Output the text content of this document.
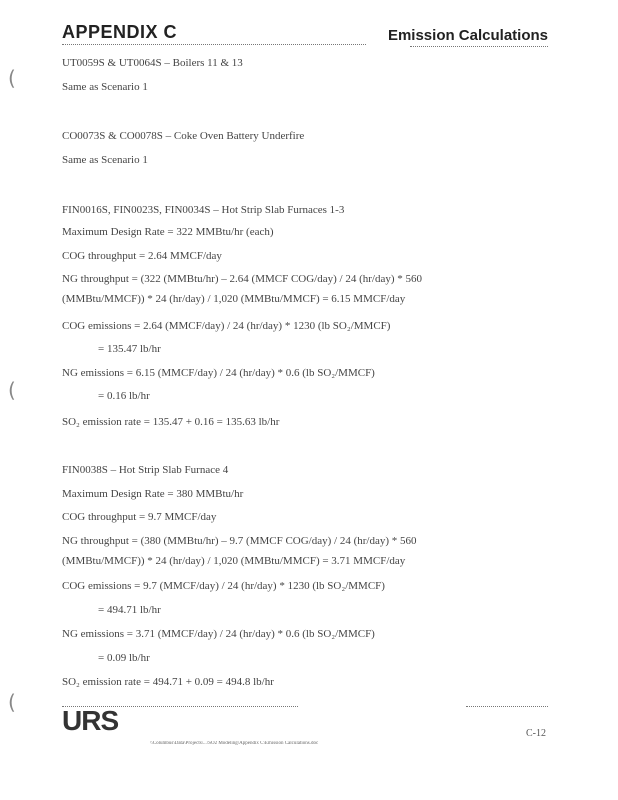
APPENDIX C	Emission Calculations
(
(
(
UT0059S & UT0064S – Boilers 11 & 13
Same as Scenario 1
CO0073S & CO0078S – Coke Oven Battery Underfire
Same as Scenario 1
FIN0016S, FIN0023S, FIN0034S – Hot Strip Slab Furnaces 1-3
Maximum Design Rate = 322 MMBtu/hr (each)
COG throughput = 2.64 MMCF/day
NG throughput = (322 (MMBtu/hr) – 2.64 (MMCF COG/day) / 24 (hr/day) * 560
(MMBtu/MMCF)) * 24 (hr/day) / 1,020 (MMBtu/MMCF) = 6.15 MMCF/day
COG emissions = 2.64 (MMCF/day) / 24 (hr/day) * 1230 (lb SO₂/MMCF)
= 135.47 lb/hr
NG emissions = 6.15 (MMCF/day) / 24 (hr/day) * 0.6 (lb SO₂/MMCF)
= 0.16 lb/hr
SO₂ emission rate = 135.47 + 0.16 = 135.63 lb/hr
FIN0038S – Hot Strip Slab Furnace 4
Maximum Design Rate = 380 MMBtu/hr
COG throughput = 9.7 MMCF/day
NG throughput = (380 (MMBtu/hr) – 9.7 (MMCF COG/day) / 24 (hr/day) * 560
(MMBtu/MMCF)) * 24 (hr/day) / 1,020 (MMBtu/MMCF) = 3.71 MMCF/day
COG emissions = 9.7 (MMCF/day) / 24 (hr/day) * 1230 (lb SO₂/MMCF)
= 494.71 lb/hr
NG emissions = 3.71 (MMCF/day) / 24 (hr/day) * 0.6 (lb SO₂/MMCF)
= 0.09 lb/hr
SO₂ emission rate = 494.71 + 0.09 = 494.8 lb/hr
URS	C-12
\\Columbus\Data\Projects\...\SO2 Modeling\Appendix C\Emission Calculations.doc
